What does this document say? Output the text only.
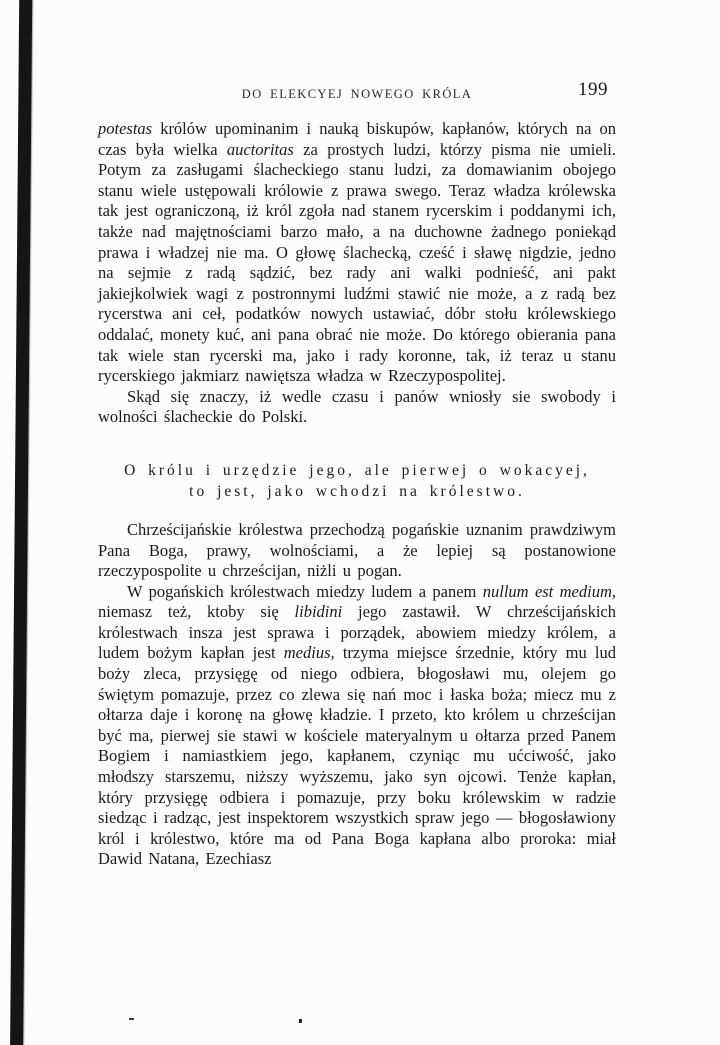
DO ELEKCYEJ NOWEGO KRÓLA	199

potestas królów upominanim i nauką biskupów, kapłanów, których na on czas była wielka auctoritas za prostych ludzi, którzy pisma nie umieli. Potym za zasługami ślacheckiego stanu ludzi, za domawianim obojego stanu wiele ustępowali królowie z prawa swego. Teraz władza królewska tak jest ograniczoną, iż król zgoła nad stanem rycerskim i poddanymi ich, także nad majętnościami barzo mało, a na duchowne żadnego poniekąd prawa i władzej nie ma. O głowę ślachecką, cześć i sławę nigdzie, jedno na sejmie z radą sądzić, bez rady ani walki podnieść, ani pakt jakiejkolwiek wagi z postronnymi ludźmi stawić nie może, a z radą bez rycerstwa ani ceł, podatków nowych ustawiać, dóbr stołu królewskiego oddalać, monety kuć, ani pana obrać nie może. Do którego obierania pana tak wiele stan rycerski ma, jako i rady koronne, tak, iż teraz u stanu rycerskiego jakmiarz nawiętsza władza w Rzeczypospolitej.

Skąd się znaczy, iż wedle czasu i panów wniosły sie swobody i wolności ślacheckie do Polski.

O królu i urzędzie jego, ale pierwej o wokacyej,
to jest, jako wchodzi na królestwo.

Chrześcijańskie królestwa przechodzą pogańskie uznanim prawdziwym Pana Boga, prawy, wolnościami, a że lepiej są postanowione rzeczypospolite u chrześcijan, niżli u pogan.

W pogańskich królestwach miedzy ludem a panem nullum est medium, niemasz też, ktoby się libidini jego zastawił. W chrześcijańskich królestwach insza jest sprawa i porządek, abowiem miedzy królem, a ludem bożym kapłan jest medius, trzyma miejsce śrzednie, który mu lud boży zleca, przysięgę od niego odbiera, błogosławi mu, olejem go świętym pomazuje, przez co zlewa się nań moc i łaska boża; miecz mu z ołtarza daje i koronę na głowę kładzie. I przeto, kto królem u chrześcijan być ma, pierwej sie stawi w kościele materyalnym u ołtarza przed Panem Bogiem i namiastkiem jego, kapłanem, czyniąc mu ućciwość, jako młodszy starszemu, niższy wyższemu, jako syn ojcowi. Tenże kapłan, który przysięgę odbiera i pomazuje, przy boku królewskim w radzie siedząc i radząc, jest inspektorem wszystkich spraw jego — błogosławiony król i królestwo, które ma od Pana Boga kapłana albo proroka: miał Dawid Natana, Ezechiasz
